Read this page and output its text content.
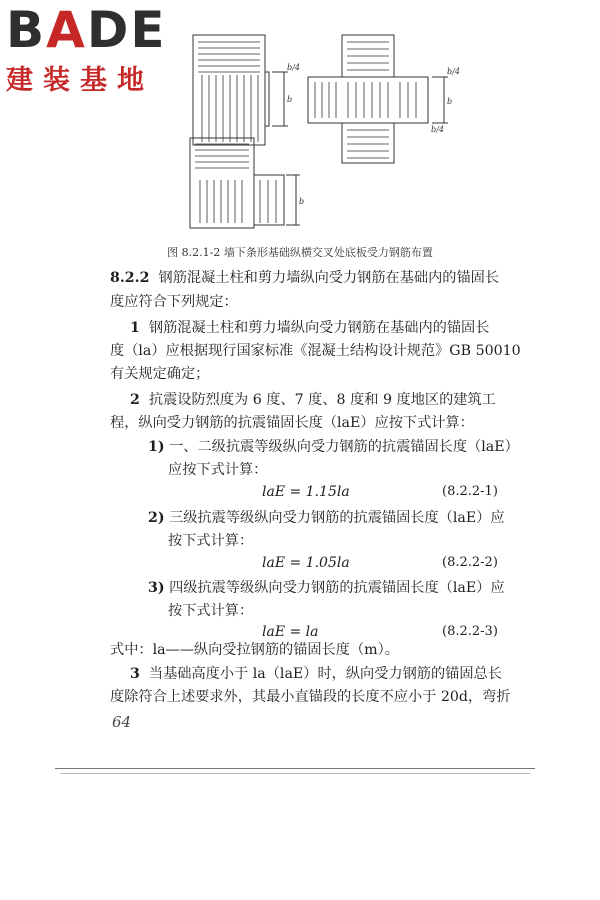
BADE
建装基地	b/4
b
b/4
b
b/4
b
图 8.2.1-2 墙下条形基础纵横交叉处底板受力钢筋布置
8.2.2 钢筋混凝土柱和剪力墙纵向受力钢筋在基础内的锚固长
度应符合下列规定：
1 钢筋混凝土柱和剪力墙纵向受力钢筋在基础内的锚固长
度（la）应根据现行国家标准《混凝土结构设计规范》GB 50010
有关规定确定；
2 抗震设防烈度为 6 度、7 度、8 度和 9 度地区的建筑工
程，纵向受力钢筋的抗震锚固长度（laE）应按下式计算：
1) 一、二级抗震等级纵向受力钢筋的抗震锚固长度（laE）
应按下式计算：
laE = 1.15la	(8.2.2-1)
2) 三级抗震等级纵向受力钢筋的抗震锚固长度（laE）应
按下式计算：
laE = 1.05la	(8.2.2-2)
3) 四级抗震等级纵向受力钢筋的抗震锚固长度（laE）应
按下式计算：
laE = la	(8.2.2-3)
式中：la——纵向受拉钢筋的锚固长度（m）。
3 当基础高度小于 la（laE）时，纵向受力钢筋的锚固总长
度除符合上述要求外，其最小直锚段的长度不应小于 20d，弯折
64
